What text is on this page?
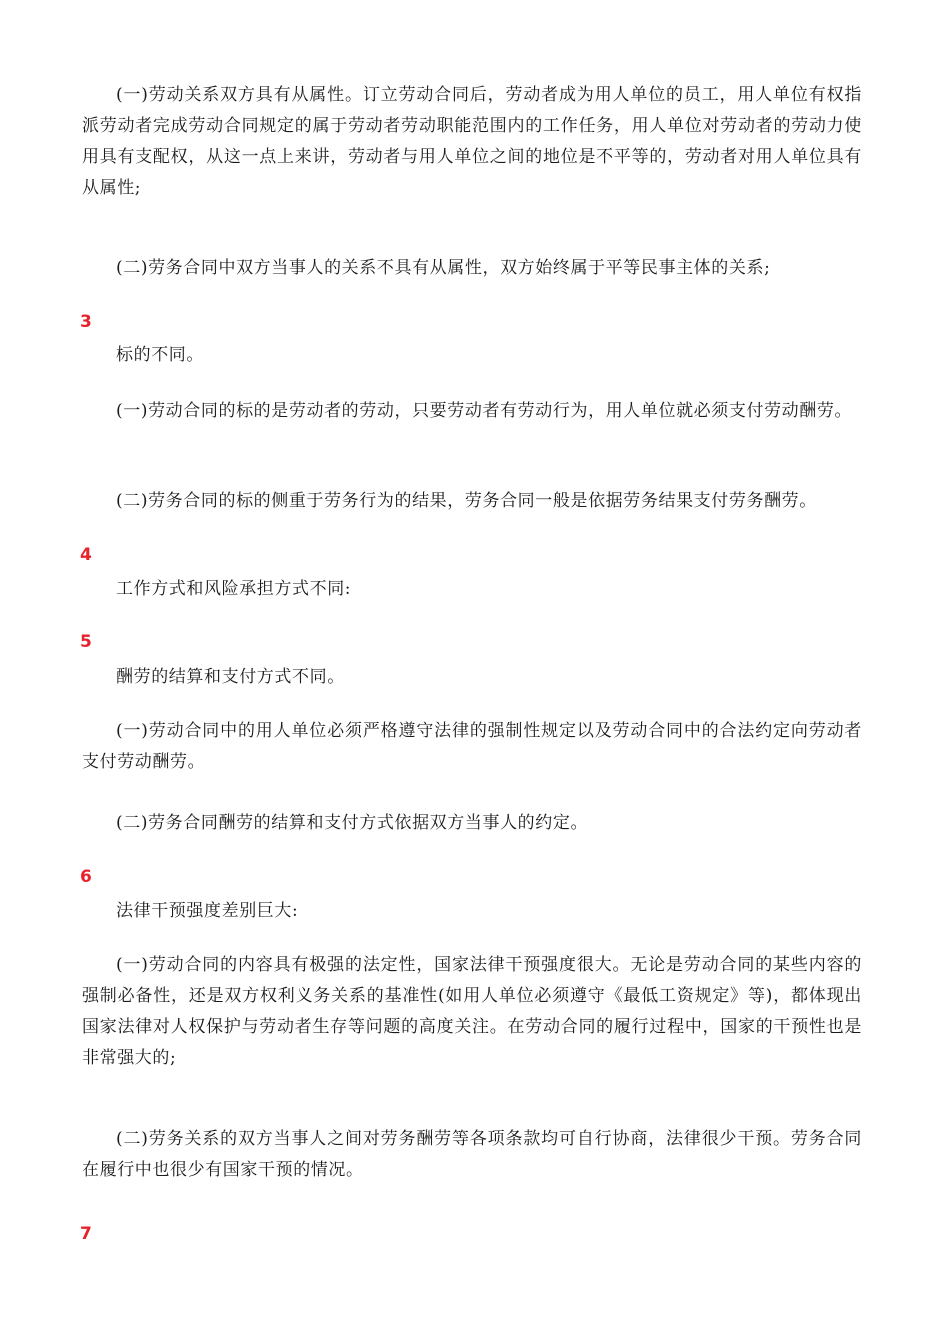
(一)劳动关系双方具有从属性。订立劳动合同后，劳动者成为用人单位的员工，用人单位有权指派劳动者完成劳动合同规定的属于劳动者劳动职能范围内的工作任务，用人单位对劳动者的劳动力使用具有支配权，从这一点上来讲，劳动者与用人单位之间的地位是不平等的，劳动者对用人单位具有从属性;

(二)劳务合同中双方当事人的关系不具有从属性，双方始终属于平等民事主体的关系;

3

标的不同。

(一)劳动合同的标的是劳动者的劳动，只要劳动者有劳动行为，用人单位就必须支付劳动酬劳。

(二)劳务合同的标的侧重于劳务行为的结果，劳务合同一般是依据劳务结果支付劳务酬劳。

4

工作方式和风险承担方式不同:

5

酬劳的结算和支付方式不同。

(一)劳动合同中的用人单位必须严格遵守法律的强制性规定以及劳动合同中的合法约定向劳动者支付劳动酬劳。

(二)劳务合同酬劳的结算和支付方式依据双方当事人的约定。

6

法律干预强度差别巨大:

(一)劳动合同的内容具有极强的法定性，国家法律干预强度很大。无论是劳动合同的某些内容的强制必备性，还是双方权利义务关系的基准性(如用人单位必须遵守《最低工资规定》等)，都体现出国家法律对人权保护与劳动者生存等问题的高度关注。在劳动合同的履行过程中，国家的干预性也是非常强大的;

(二)劳务关系的双方当事人之间对劳务酬劳等各项条款均可自行协商，法律很少干预。劳务合同在履行中也很少有国家干预的情况。

7
